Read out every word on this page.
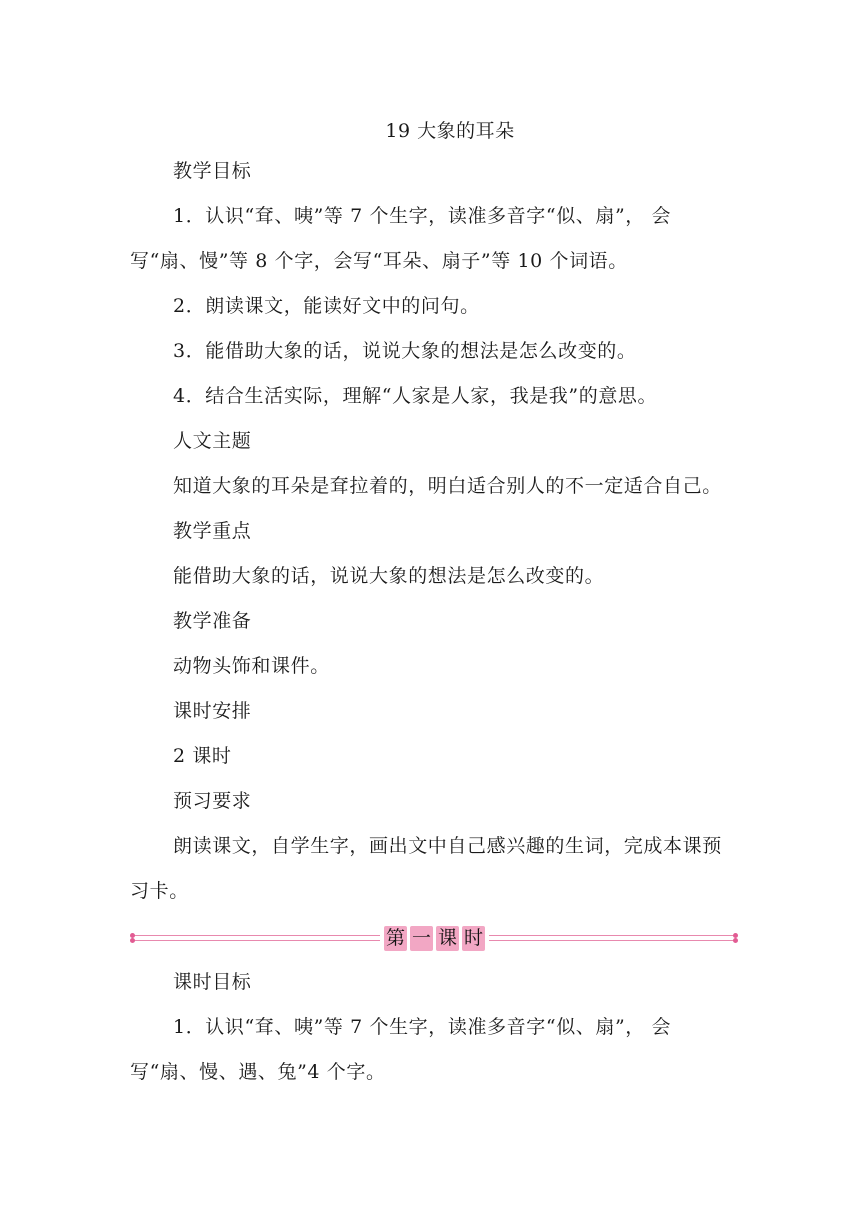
19 大象的耳朵
教学目标
1．认识“耷、咦”等 7 个生字，读准多音字“似、扇”， 会写“扇、慢”等 8 个字，会写“耳朵、扇子”等 10 个词语。
2．朗读课文，能读好文中的问句。
3．能借助大象的话，说说大象的想法是怎么改变的。
4．结合生活实际，理解“人家是人家，我是我”的意思。
人文主题
知道大象的耳朵是耷拉着的，明白适合别人的不一定适合自己。
教学重点
能借助大象的话，说说大象的想法是怎么改变的。
教学准备
动物头饰和课件。
课时安排
2 课时
预习要求
朗读课文，自学生字，画出文中自己感兴趣的生词，完成本课预习卡。
第 一 课 时
课时目标
1．认识“耷、咦”等 7 个生字，读准多音字“似、扇”， 会写“扇、慢、遇、兔”4 个字。
